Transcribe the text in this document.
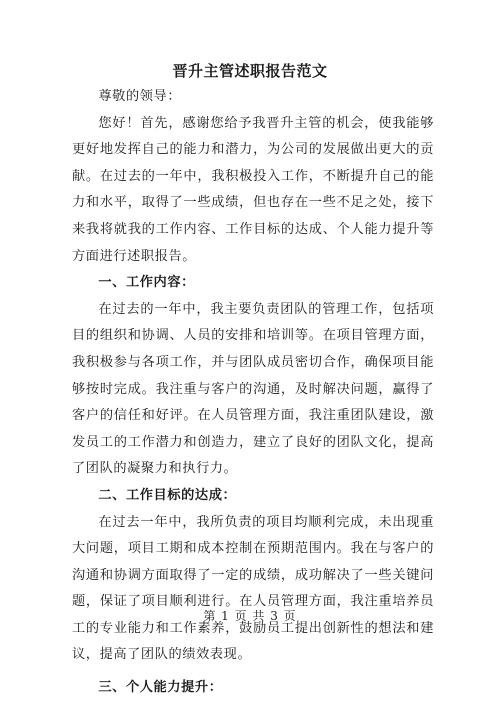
晋升主管述职报告范文

尊敬的领导：

您好！首先，感谢您给予我晋升主管的机会，使我能够更好地发挥自己的能力和潜力，为公司的发展做出更大的贡献。在过去的一年中，我积极投入工作，不断提升自己的能力和水平，取得了一些成绩，但也存在一些不足之处，接下来我将就我的工作内容、工作目标的达成、个人能力提升等方面进行述职报告。

一、工作内容：

在过去的一年中，我主要负责团队的管理工作，包括项目的组织和协调、人员的安排和培训等。在项目管理方面，我积极参与各项工作，并与团队成员密切合作，确保项目能够按时完成。我注重与客户的沟通，及时解决问题，赢得了客户的信任和好评。在人员管理方面，我注重团队建设，激发员工的工作潜力和创造力，建立了良好的团队文化，提高了团队的凝聚力和执行力。

二、工作目标的达成：

在过去一年中，我所负责的项目均顺利完成，未出现重大问题，项目工期和成本控制在预期范围内。我在与客户的沟通和协调方面取得了一定的成绩，成功解决了一些关键问题，保证了项目顺利进行。在人员管理方面，我注重培养员工的专业能力和工作素养，鼓励员工提出创新性的想法和建议，提高了团队的绩效表现。

三、个人能力提升：

第 1 页 共 3 页
